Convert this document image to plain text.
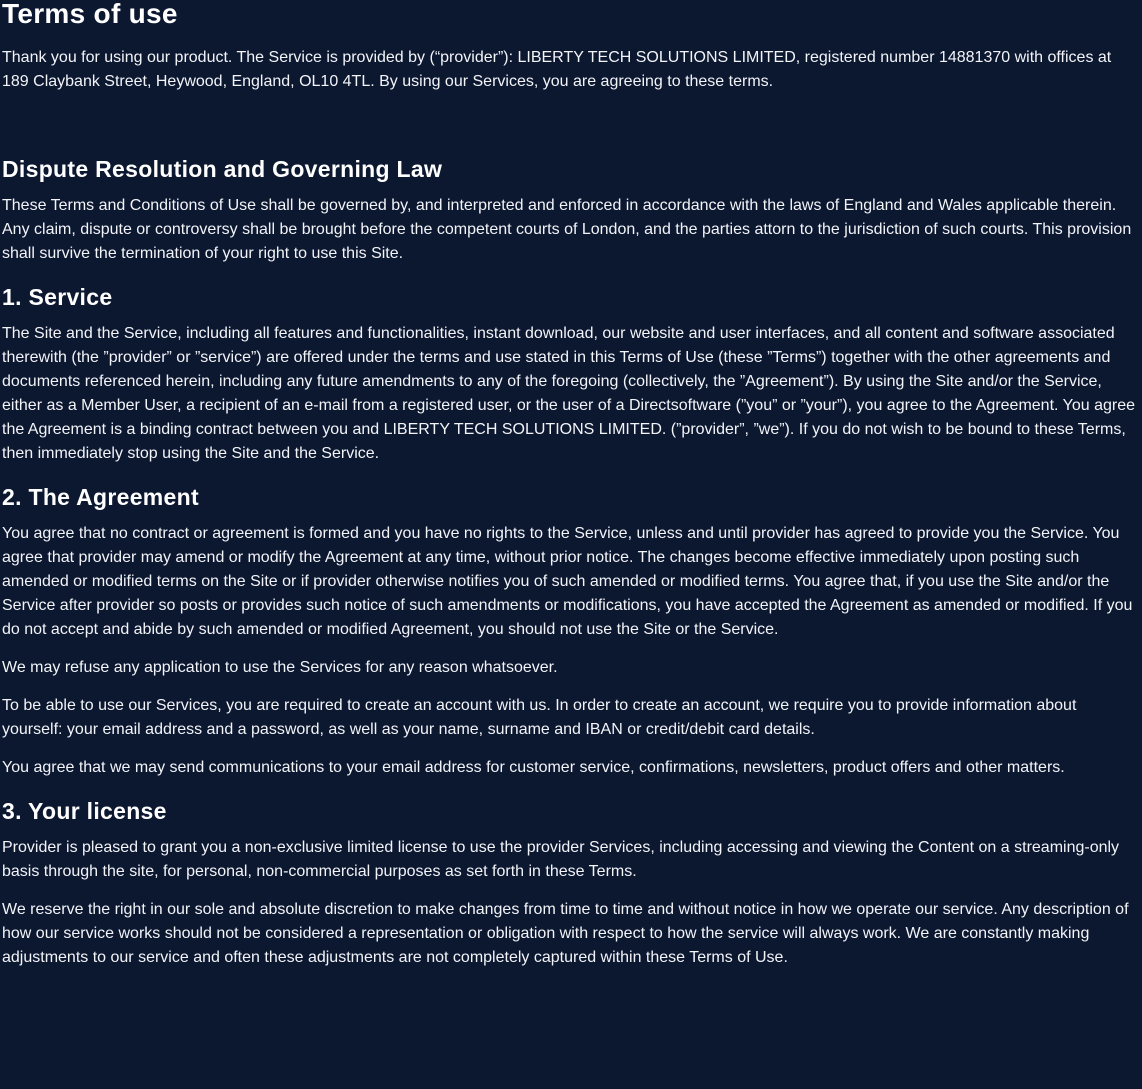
Terms of use

Thank you for using our product. The Service is provided by (“provider”): LIBERTY TECH SOLUTIONS LIMITED, registered number 14881370 with offices at 189 Claybank Street, Heywood, England, OL10 4TL. By using our Services, you are agreeing to these terms.

Dispute Resolution and Governing Law

These Terms and Conditions of Use shall be governed by, and interpreted and enforced in accordance with the laws of England and Wales applicable therein. Any claim, dispute or controversy shall be brought before the competent courts of London, and the parties attorn to the jurisdiction of such courts. This provision shall survive the termination of your right to use this Site.

1. Service

The Site and the Service, including all features and functionalities, instant download, our website and user interfaces, and all content and software associated therewith (the ”provider” or ”service”) are offered under the terms and use stated in this Terms of Use (these ”Terms”) together with the other agreements and documents referenced herein, including any future amendments to any of the foregoing (collectively, the ”Agreement”). By using the Site and/or the Service, either as a Member User, a recipient of an e-mail from a registered user, or the user of a Directsoftware (”you” or ”your”), you agree to the Agreement. You agree the Agreement is a binding contract between you and LIBERTY TECH SOLUTIONS LIMITED. (”provider”, ”we”). If you do not wish to be bound to these Terms, then immediately stop using the Site and the Service.

2. The Agreement

You agree that no contract or agreement is formed and you have no rights to the Service, unless and until provider has agreed to provide you the Service. You agree that provider may amend or modify the Agreement at any time, without prior notice. The changes become effective immediately upon posting such amended or modified terms on the Site or if provider otherwise notifies you of such amended or modified terms. You agree that, if you use the Site and/or the Service after provider so posts or provides such notice of such amendments or modifications, you have accepted the Agreement as amended or modified. If you do not accept and abide by such amended or modified Agreement, you should not use the Site or the Service.

We may refuse any application to use the Services for any reason whatsoever.

To be able to use our Services, you are required to create an account with us. In order to create an account, we require you to provide information about yourself: your email address and a password, as well as your name, surname and IBAN or credit/debit card details.

You agree that we may send communications to your email address for customer service, confirmations, newsletters, product offers and other matters.

3. Your license

Provider is pleased to grant you a non-exclusive limited license to use the provider Services, including accessing and viewing the Content on a streaming-only basis through the site, for personal, non-commercial purposes as set forth in these Terms.

We reserve the right in our sole and absolute discretion to make changes from time to time and without notice in how we operate our service. Any description of how our service works should not be considered a representation or obligation with respect to how the service will always work. We are constantly making adjustments to our service and often these adjustments are not completely captured within these Terms of Use.
